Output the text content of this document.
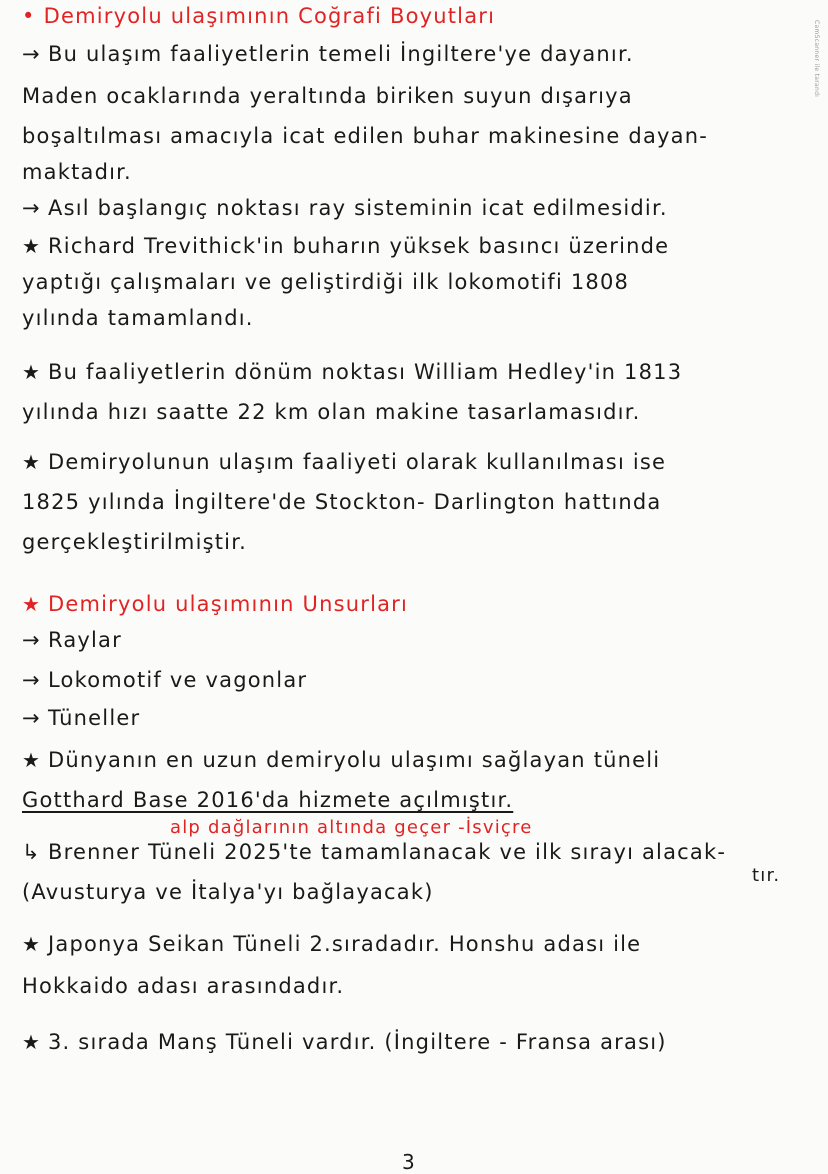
CamScanner ile tarandı
• Demiryolu ulaşımının Coğrafi Boyutları
→ Bu ulaşım faaliyetlerin temeli İngiltere'ye dayanır.
Maden ocaklarında yeraltında biriken suyun dışarıya
boşaltılması amacıyla icat edilen buhar makinesine dayan-
maktadır.
→ Asıl başlangıç noktası ray sisteminin icat edilmesidir.
★ Richard Trevithick'in buharın yüksek basıncı üzerinde
yaptığı çalışmaları ve geliştirdiği ilk lokomotifi 1808
yılında tamamlandı.
★ Bu faaliyetlerin dönüm noktası William Hedley'in 1813
yılında hızı saatte 22 km olan makine tasarlamasıdır.
★ Demiryolunun ulaşım faaliyeti olarak kullanılması ise
1825 yılında İngiltere'de Stockton- Darlington hattında
gerçekleştirilmiştir.
★ Demiryolu ulaşımının Unsurları
→ Raylar
→ Lokomotif ve vagonlar
→ Tüneller
★ Dünyanın en uzun demiryolu ulaşımı sağlayan tüneli
Gotthard Base 2016'da hizmete açılmıştır.
alp dağlarının altında geçer -İsviçre
↳ Brenner Tüneli 2025'te tamamlanacak ve ilk sırayı alacak-
tır.
(Avusturya ve İtalya'yı bağlayacak)
★ Japonya Seikan Tüneli 2.sıradadır. Honshu adası ile
Hokkaido adası arasındadır.
★ 3. sırada Manş Tüneli vardır. (İngiltere - Fransa arası)
3
